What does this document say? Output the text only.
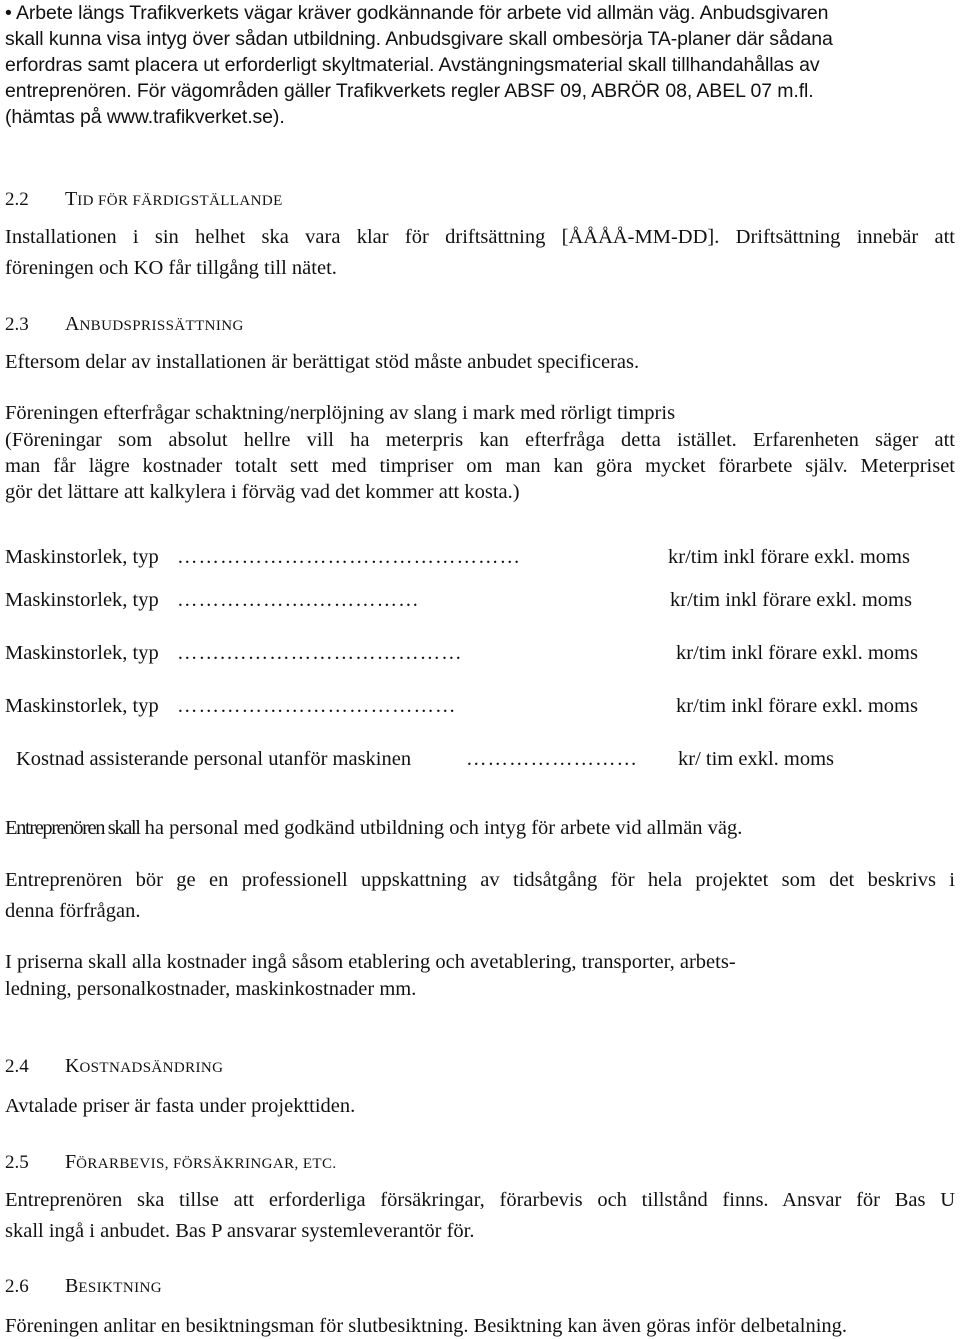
• Arbete längs Trafikverkets vägar kräver godkännande för arbete vid allmän väg. Anbudsgivaren
skall kunna visa intyg över sådan utbildning. Anbudsgivare skall ombesörja TA-planer där sådana
erfordras samt placera ut erforderligt skyltmaterial. Avstängningsmaterial skall tillhandahållas av
entreprenören. För vägområden gäller Trafikverkets regler ABSF 09, ABRÖR 08, ABEL 07 m.fl.
(hämtas på www.trafikverket.se).
2.2 TID FÖR FÄRDIGSTÄLLANDE
Installationen i sin helhet ska vara klar för driftsättning [ÅÅÅÅ-MM-DD]. Driftsättning innebär att
föreningen och KO får tillgång till nätet.
2.3 ANBUDSPRISSÄTTNING
Eftersom delar av installationen är berättigat stöd måste anbudet specificeras.
Föreningen efterfrågar schaktning/nerplöjning av slang i mark med rörligt timpris
(Föreningar som absolut hellre vill ha meterpris kan efterfråga detta istället. Erfarenheten säger att
man får lägre kostnader totalt sett med timpriser om man kan göra mycket förarbete själv. Meterpriset
gör det lättare att kalkylera i förväg vad det kommer att kosta.)
Maskinstorlek, typ …………………………………………	kr/tim inkl förare exkl. moms
Maskinstorlek, typ ……………….……………	kr/tim inkl förare exkl. moms
Maskinstorlek, typ …….……………………………	kr/tim inkl förare exkl. moms
Maskinstorlek, typ …………………………………	kr/tim inkl förare exkl. moms
Kostnad assisterande personal utanför maskinen	…………………… kr/ tim exkl. moms
Entreprenören skall ha personal med godkänd utbildning och intyg för arbete vid allmän väg.
Entreprenören bör ge en professionell uppskattning av tidsåtgång för hela projektet som det beskrivs i
denna förfrågan.
I priserna skall alla kostnader ingå såsom etablering och avetablering, transporter, arbets-
ledning, personalkostnader, maskinkostnader mm.
2.4 KOSTNADSÄNDRING
Avtalade priser är fasta under projekttiden.
2.5 FÖRARBEVIS, FÖRSÄKRINGAR, ETC.
Entreprenören ska tillse att erforderliga försäkringar, förarbevis och tillstånd finns. Ansvar för Bas U
skall ingå i anbudet. Bas P ansvarar systemleverantör för.
2.6 BESIKTNING
Föreningen anlitar en besiktningsman för slutbesiktning. Besiktning kan även göras inför delbetalning.
